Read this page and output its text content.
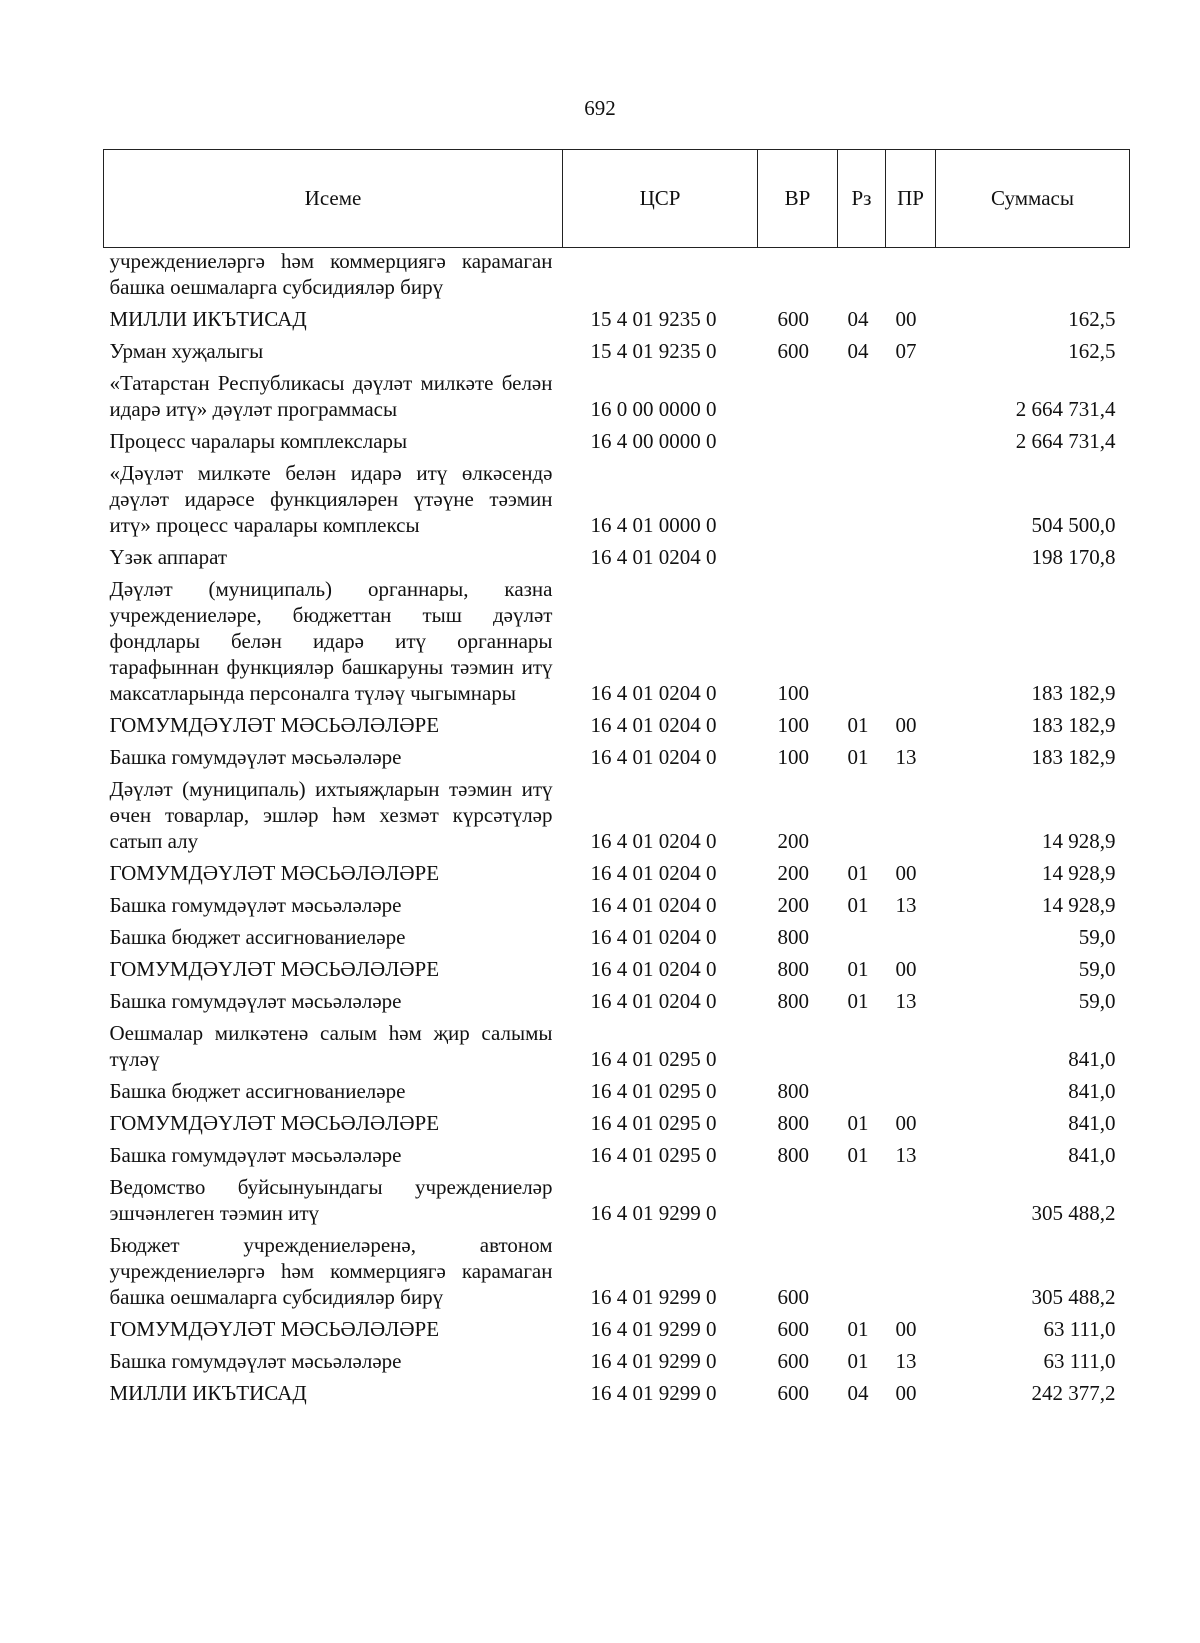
692
Исеме	ЦСР	ВР	Рз	ПР	Суммасы
учреждениеләргә һәм коммерциягә карамаган башка оешмаларга субсидияләр бирү					
МИЛЛИ ИКЪТИСАД	15 4 01 9235 0	600	04	00	162,5
Урман хуҗалыгы	15 4 01 9235 0	600	04	07	162,5
«Татарстан Республикасы дәүләт милкәте белән идарә итү» дәүләт программасы	16 0 00 0000 0				2 664 731,4
Процесс чаралары комплекслары	16 4 00 0000 0				2 664 731,4
«Дәүләт милкәте белән идарә итү өлкәсендә дәүләт идарәсе функцияләрен үтәүне тәэмин итү» процесс чаралары комплексы	16 4 01 0000 0				504 500,0
Үзәк аппарат	16 4 01 0204 0				198 170,8
Дәүләт (муниципаль) органнары, казна учреждениеләре, бюджеттан тыш дәүләт фондлары белән идарә итү органнары тарафыннан функцияләр башкаруны тәэмин итү максатларында персоналга түләү чыгымнары	16 4 01 0204 0	100			183 182,9
ГОМУМДӘҮЛӘТ МӘСЬӘЛӘЛӘРЕ	16 4 01 0204 0	100	01	00	183 182,9
Башка гомумдәүләт мәсьәләләре	16 4 01 0204 0	100	01	13	183 182,9
Дәүләт (муниципаль) ихтыяҗларын тәэмин итү өчен товарлар, эшләр һәм хезмәт күрсәтүләр сатып алу	16 4 01 0204 0	200			14 928,9
ГОМУМДӘҮЛӘТ МӘСЬӘЛӘЛӘРЕ	16 4 01 0204 0	200	01	00	14 928,9
Башка гомумдәүләт мәсьәләләре	16 4 01 0204 0	200	01	13	14 928,9
Башка бюджет ассигнованиеләре	16 4 01 0204 0	800			59,0
ГОМУМДӘҮЛӘТ МӘСЬӘЛӘЛӘРЕ	16 4 01 0204 0	800	01	00	59,0
Башка гомумдәүләт мәсьәләләре	16 4 01 0204 0	800	01	13	59,0
Оешмалар милкәтенә салым һәм җир салымы түләү	16 4 01 0295 0				841,0
Башка бюджет ассигнованиеләре	16 4 01 0295 0	800			841,0
ГОМУМДӘҮЛӘТ МӘСЬӘЛӘЛӘРЕ	16 4 01 0295 0	800	01	00	841,0
Башка гомумдәүләт мәсьәләләре	16 4 01 0295 0	800	01	13	841,0
Ведомство буйсынуындагы учреждениеләр эшчәнлеген тәэмин итү	16 4 01 9299 0				305 488,2
Бюджет учреждениеләренә, автоном учреждениеләргә һәм коммерциягә карамаган башка оешмаларга субсидияләр бирү	16 4 01 9299 0	600			305 488,2
ГОМУМДӘҮЛӘТ МӘСЬӘЛӘЛӘРЕ	16 4 01 9299 0	600	01	00	63 111,0
Башка гомумдәүләт мәсьәләләре	16 4 01 9299 0	600	01	13	63 111,0
МИЛЛИ ИКЪТИСАД	16 4 01 9299 0	600	04	00	242 377,2
